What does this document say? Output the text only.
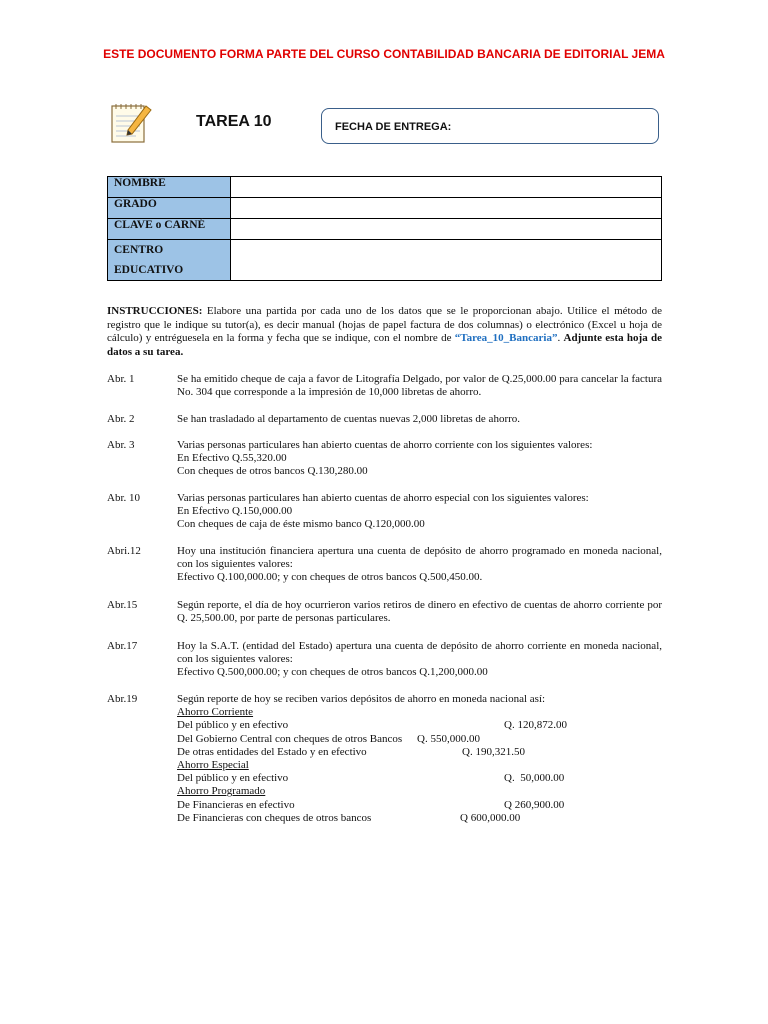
ESTE DOCUMENTO FORMA PARTE DEL CURSO CONTABILIDAD BANCARIA DE EDITORIAL JEMA
TAREA 10	FECHA DE ENTREGA:
NOMBRE	
GRADO	
CLAVE o CARNÉ	

CENTRO
EDUCATIVO	

INSTRUCCIONES: Elabore una partida por cada uno de los datos que se le proporcionan abajo. Utilice el método de registro que le indique su tutor(a), es decir manual (hojas de papel factura de dos columnas) o electrónico (Excel u hoja de cálculo) y entréguesela en la forma y fecha que se indique, con el nombre de “Tarea_10_Bancaria”. Adjunte esta hoja de datos a su tarea.
Abr. 1	Se ha emitido cheque de caja a favor de Litografía Delgado, por valor de Q.25,000.00 para cancelar la factura No. 304 que corresponde a la impresión de 10,000 libretas de ahorro.
Abr. 2	Se han trasladado al departamento de cuentas nuevas 2,000 libretas de ahorro.
Abr. 3	Varias personas particulares han abierto cuentas de ahorro corriente con los siguientes valores:
En Efectivo Q.55,320.00
Con cheques de otros bancos Q.130,280.00
Abr. 10	Varias personas particulares han abierto cuentas de ahorro especial con los siguientes valores:
En Efectivo Q.150,000.00
Con cheques de caja de éste mismo banco Q.120,000.00
Abri.12	Hoy una institución financiera apertura una cuenta de depósito de ahorro programado en moneda nacional, con los siguientes valores:
Efectivo Q.100,000.00; y con cheques de otros bancos Q.500,450.00.
Abr.15	Según reporte, el día de hoy ocurrieron varios retiros de dinero en efectivo de cuentas de ahorro corriente por Q. 25,500.00, por parte de personas particulares.
Abr.17	Hoy la S.A.T. (entidad del Estado) apertura una cuenta de depósito de ahorro corriente en moneda nacional, con los siguientes valores:
Efectivo Q.500,000.00; y con cheques de otros bancos Q.1,200,000.00
Abr.19	Según reporte de hoy se reciben varios depósitos de ahorro en moneda nacional así:
Ahorro Corriente
Del público y en efectivo	Q. 120,872.00
Del Gobierno Central con cheques de otros Bancos Q. 550,000.00
De otras entidades del Estado y en efectivo	Q. 190,321.50
Ahorro Especial
Del público y en efectivo	Q.  50,000.00
Ahorro Programado
De Financieras en efectivo	Q 260,900.00
De Financieras con cheques de otros bancos	Q 600,000.00
